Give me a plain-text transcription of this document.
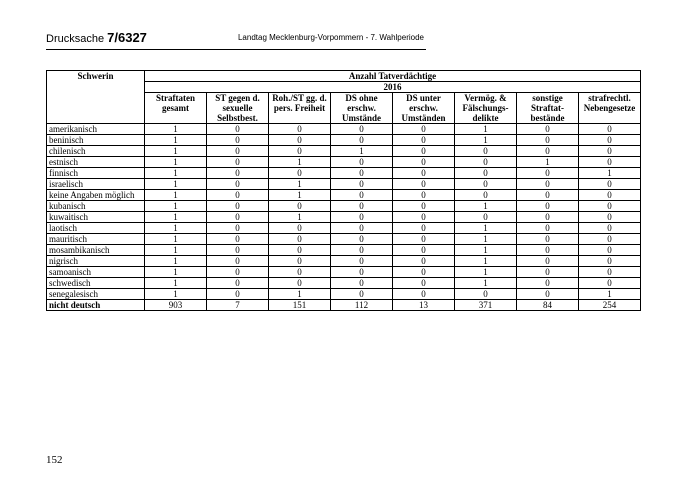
Drucksache 7/6327	Landtag Mecklenburg-Vorpommern - 7. Wahlperiode
Schwerin	Anzahl Tatverdächtige							
	2016							
	Straftaten gesamt	ST gegen d. sexuelle Selbstbest.	Roh./ST gg. d. pers. Freiheit	DS ohne erschw. Umstände	DS unter erschw. Umständen	Vermög. & Fälschungs-delikte	sonstige Straftat-bestände	strafrechtl. Nebengesetze
amerikanisch	1	0	0	0	0	1	0	0
beninisch	1	0	0	0	0	1	0	0
chilenisch	1	0	0	1	0	0	0	0
estnisch	1	0	1	0	0	0	1	0
finnisch	1	0	0	0	0	0	0	1
israelisch	1	0	1	0	0	0	0	0
keine Angaben möglich	1	0	1	0	0	0	0	0
kubanisch	1	0	0	0	0	1	0	0
kuwaitisch	1	0	1	0	0	0	0	0
laotisch	1	0	0	0	0	1	0	0
mauritisch	1	0	0	0	0	1	0	0
mosambikanisch	1	0	0	0	0	1	0	0
nigrisch	1	0	0	0	0	1	0	0
samoanisch	1	0	0	0	0	1	0	0
schwedisch	1	0	0	0	0	1	0	0
senegalesisch	1	0	1	0	0	0	0	1
nicht deutsch	903	7	151	112	13	371	84	254
152
